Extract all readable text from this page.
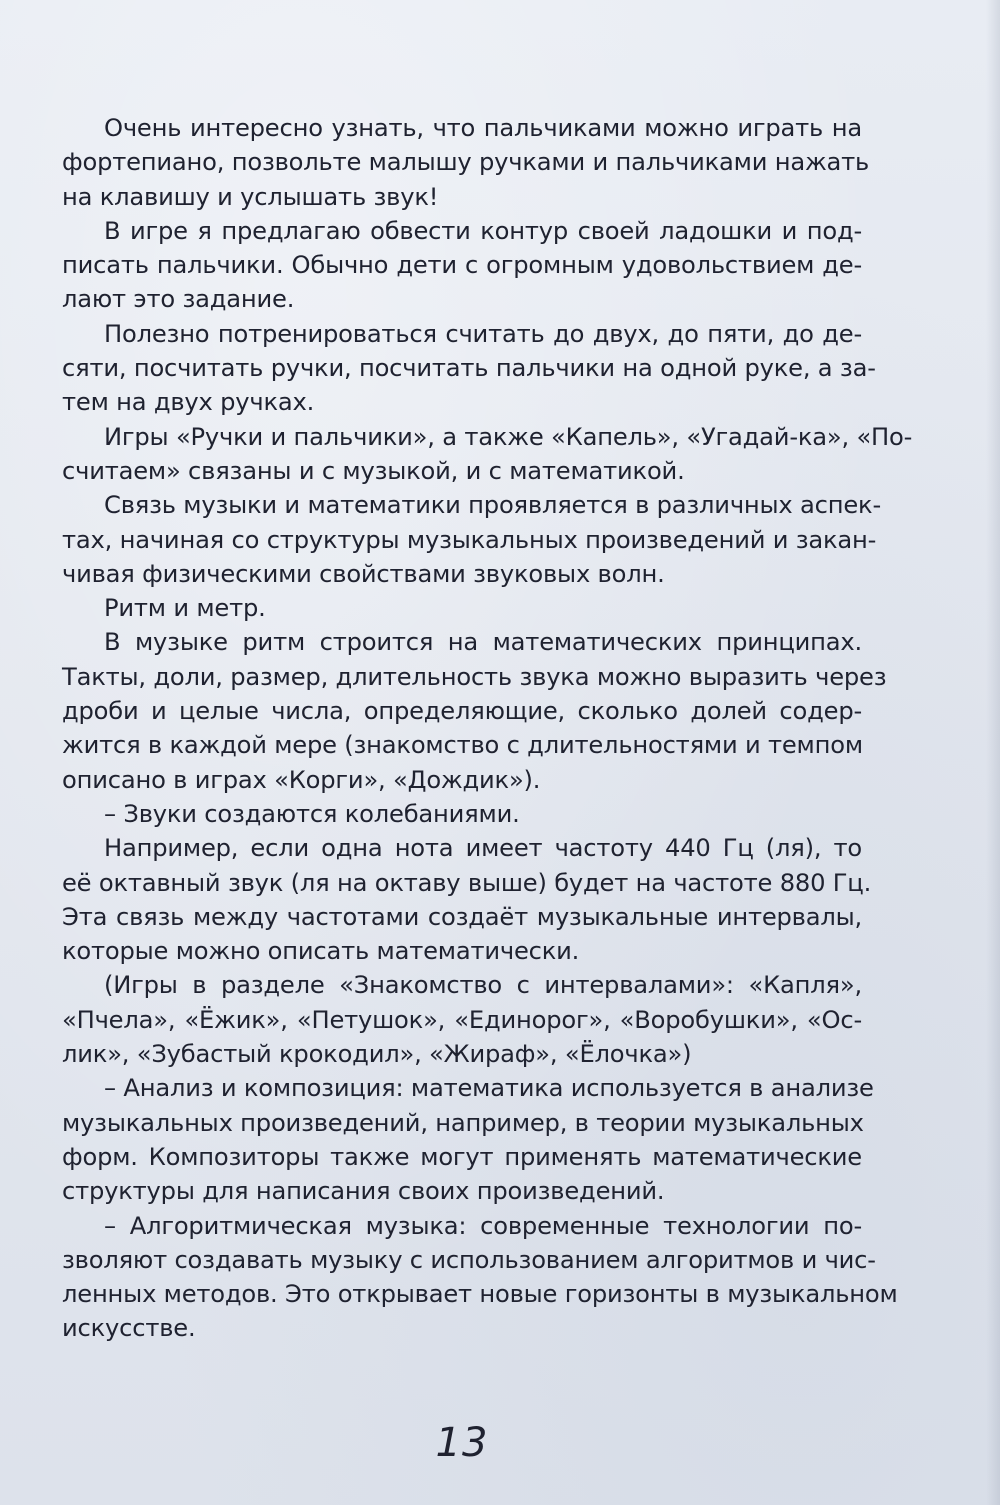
Очень интересно узнать, что пальчиками можно играть на
фортепиано, позвольте малышу ручками и пальчиками нажать
на клавишу и услышать звук!
В игре я предлагаю обвести контур своей ладошки и под-
писать пальчики. Обычно дети с огромным удовольствием де-
лают это задание.
Полезно потренироваться считать до двух, до пяти, до де-
сяти, посчитать ручки, посчитать пальчики на одной руке, а за-
тем на двух ручках.
Игры «Ручки и пальчики», а также «Капель», «Угадай-ка», «По-
считаем» связаны и с музыкой, и с математикой.
Связь музыки и математики проявляется в различных аспек-
тах, начиная со структуры музыкальных произведений и закан-
чивая физическими свойствами звуковых волн.
Ритм и метр.
В музыке ритм строится на математических принципах.
Такты, доли, размер, длительность звука можно выразить через
дроби и целые числа, определяющие, сколько долей содер-
жится в каждой мере (знакомство с длительностями и темпом
описано в играх «Корги», «Дождик»).
– Звуки создаются колебаниями.
Например, если одна нота имеет частоту 440 Гц (ля), то
её октавный звук (ля на октаву выше) будет на частоте 880 Гц.
Эта связь между частотами создаёт музыкальные интервалы,
которые можно описать математически.
(Игры в разделе «Знакомство с интервалами»: «Капля»,
«Пчела», «Ёжик», «Петушок», «Единорог», «Воробушки», «Ос-
лик», «Зубастый крокодил», «Жираф», «Ёлочка»)
– Анализ и композиция: математика используется в анализе
музыкальных произведений, например, в теории музыкальных
форм. Композиторы также могут применять математические
структуры для написания своих произведений.
– Алгоритмическая музыка: современные технологии по-
зволяют создавать музыку с использованием алгоритмов и чис-
ленных методов. Это открывает новые горизонты в музыкальном
искусстве.
13
